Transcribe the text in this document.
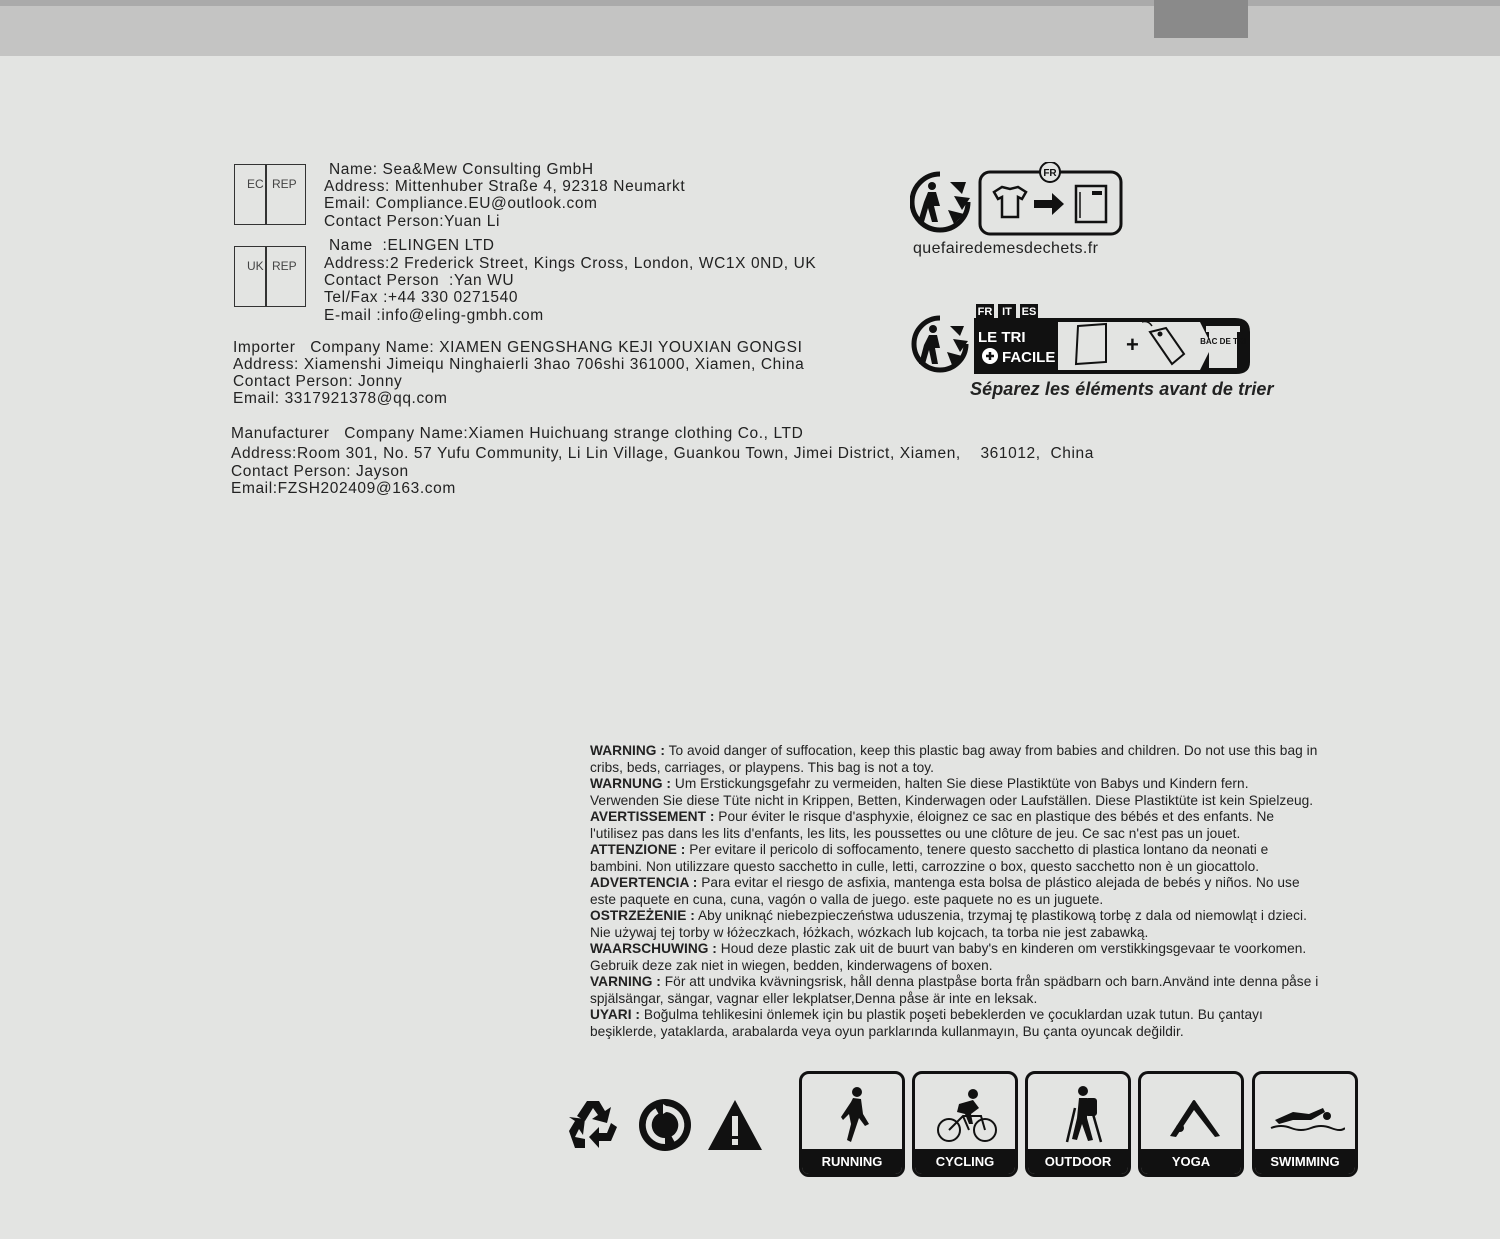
EC REP
Name: Sea&Mew Consulting GmbH
Address: Mittenhuber Straße 4, 92318 Neumarkt
Email: Compliance.EU@outlook.com
Contact Person:Yuan Li
UK REP
Name  :ELINGEN LTD
Address:2 Frederick Street, Kings Cross, London, WC1X 0ND, UK
Contact Person  :Yan WU
Tel/Fax :+44 330 0271540
E-mail :info@eling-gmbh.com
Importer   Company Name: XIAMEN GENGSHANG KEJI YOUXIAN GONGSI
Address: Xiamenshi Jimeiqu Ninghaierli 3hao 706shi 361000, Xiamen, China
Contact Person: Jonny
Email: 3317921378@qq.com
Manufacturer   Company Name:Xiamen Huichuang strange clothing Co., LTD
Address:Room 301, No. 57 Yufu Community, Li Lin Village, Guankou Town, Jimei District, Xiamen,    361012,  China
Contact Person: Jayson
Email:FZSH202409@163.com
FR
quefairedemesdechets.fr
FR IT ES
LE TRI
FACILE
+	BAC DE TRI
Séparez les éléments avant de trier

WARNING : To avoid danger of suffocation, keep this plastic bag away from babies and children. Do not use this bag in cribs, beds, carriages, or playpens. This bag is not a toy.

WARNUNG : Um Erstickungsgefahr zu vermeiden, halten Sie diese Plastiktüte von Babys und Kindern fern. Verwenden Sie diese Tüte nicht in Krippen, Betten, Kinderwagen oder Laufställen. Diese Plastiktüte ist kein Spielzeug.

AVERTISSEMENT : Pour éviter le risque d'asphyxie, éloignez ce sac en plastique des bébés et des enfants. Ne l'utilisez pas dans les lits d'enfants, les lits, les poussettes ou une clôture de jeu. Ce sac n'est pas un jouet.

ATTENZIONE : Per evitare il pericolo di soffocamento, tenere questo sacchetto di plastica lontano da neonati e bambini. Non utilizzare questo sacchetto in culle, letti, carrozzine o box, questo sacchetto non è un giocattolo.

ADVERTENCIA : Para evitar el riesgo de asfixia, mantenga esta bolsa de plástico alejada de bebés y niños. No use este paquete en cuna, cuna, vagón o valla de juego. este paquete no es un juguete.

OSTRZEŻENIE : Aby uniknąć niebezpieczeństwa uduszenia, trzymaj tę plastikową torbę z dala od niemowląt i dzieci. Nie używaj tej torby w łóżeczkach, łóżkach, wózkach lub kojcach, ta torba nie jest zabawką.

WAARSCHUWING : Houd deze plastic zak uit de buurt van baby's en kinderen om verstikkingsgevaar te voorkomen. Gebruik deze zak niet in wiegen, bedden, kinderwagens of boxen.

VARNING : För att undvika kvävningsrisk, håll denna plastpåse borta från spädbarn och barn.Använd inte denna påse i spjälsängar, sängar, vagnar eller lekplatser,Denna påse är inte en leksak.

UYARI : Boğulma tehlikesini önlemek için bu plastik poşeti bebeklerden ve çocuklardan uzak tutun. Bu çantayı beşiklerde, yataklarda, arabalarda veya oyun parklarında kullanmayın, Bu çanta oyuncak değildir.

RUNNING	CYCLING	OUTDOOR	YOGA	SWIMMING
